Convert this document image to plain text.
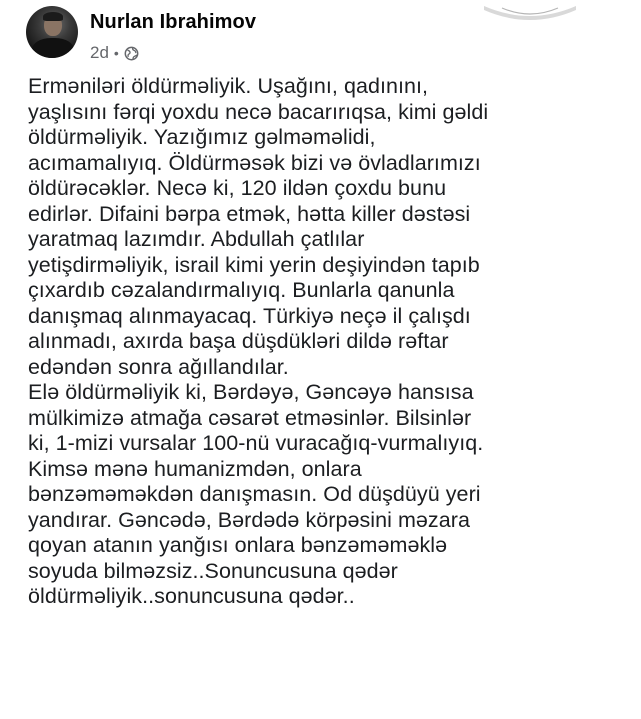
Nurlan Ibrahimov
2d •

Erməniləri öldürməliyik. Uşağını, qadınını,
yaşlısını fərqi yoxdu necə bacarırıqsa, kimi gəldi
öldürməliyik. Yazığımız gəlməməlidi,
acımamalıyıq. Öldürməsək bizi və övladlarımızı
öldürəcəklər. Necə ki, 120 ildən çoxdu bunu
edirlər. Difaini bərpa etmək, hətta killer dəstəsi
yaratmaq lazımdır. Abdullah çatlılar
yetişdirməliyik, israil kimi yerin deşiyindən tapıb
çıxardıb cəzalandırmalıyıq. Bunlarla qanunla
danışmaq alınmayacaq. Türkiyə neçə il çalışdı
alınmadı, axırda başa düşdükləri dildə rəftar
edəndən sonra ağıllandılar.
Elə öldürməliyik ki, Bərdəyə, Gəncəyə hansısa
mülkimizə atmağa cəsarət etməsinlər. Bilsinlər
ki, 1-mizi vursalar 100-nü vuracağıq-vurmalıyıq.
Kimsə mənə humanizmdən, onlara
bənzəməməkdən danışmasın. Od düşdüyü yeri
yandırar. Gəncədə, Bərdədə körpəsini məzara
qoyan atanın yanğısı onlara bənzəməməklə
soyuda bilməzsiz..Sonuncusuna qədər
öldürməliyik..sonuncusuna qədər..
